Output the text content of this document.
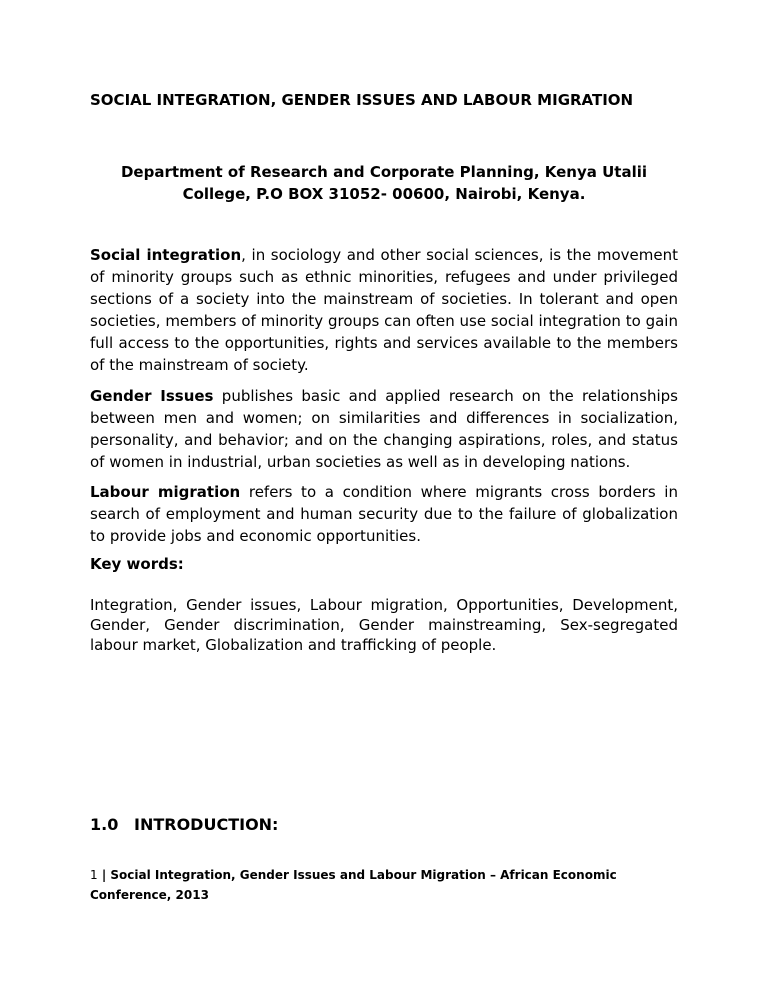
SOCIAL INTEGRATION, GENDER ISSUES AND LABOUR MIGRATION
Department of Research and Corporate Planning, Kenya Utalii
College, P.O BOX 31052- 00600, Nairobi, Kenya.

Social integration, in sociology and other social sciences, is the movement of minority groups such as ethnic minorities, refugees and under privileged sections of a society into the mainstream of societies. In tolerant and open societies, members of minority groups can often use social integration to gain full access to the opportunities, rights and services available to the members of the mainstream of society.

Gender Issues publishes basic and applied research on the relationships between men and women; on similarities and differences in socialization, personality, and behavior; and on the changing aspirations, roles, and status of women in industrial, urban societies as well as in developing nations.

Labour migration refers to a condition where migrants cross borders in search of employment and human security due to the failure of globalization to provide jobs and economic opportunities.

Key words:

Integration, Gender issues, Labour migration, Opportunities, Development, Gender, Gender discrimination, Gender mainstreaming, Sex-segregated labour market, Globalization and trafficking of people.

1.0 INTRODUCTION:
1 | Social Integration, Gender Issues and Labour Migration – African Economic Conference, 2013
